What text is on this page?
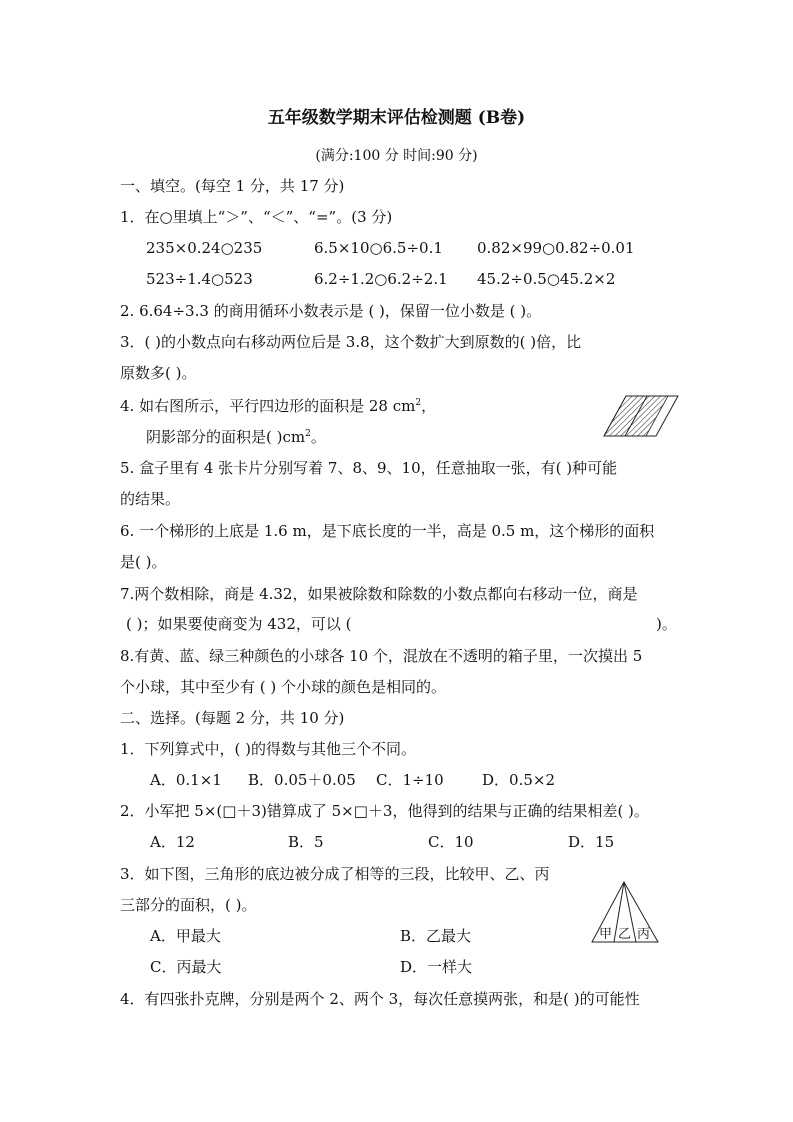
五年级数学期末评估检测题 (B卷)
(满分:100 分 时间:90 分)
一、填空。(每空 1 分，共 17 分)
1．在○里填上“＞”、“＜”、“=”。(3 分)
235×0.24○235	6.5×10○6.5÷0.1 0.82×99○0.82÷0.01
523÷1.4○523	6.2÷1.2○6.2÷2.1 45.2÷0.5○45.2×2
2. 6.64÷3.3 的商用循环小数表示是 ( )，保留一位小数是 ( )。
3．( )的小数点向右移动两位后是 3.8，这个数扩大到原数的( )倍，比
原数多( )。
4. 如右图所示，平行四边形的面积是 28 $cm^2$，
阴影部分的面积是( )$cm^2$。
5. 盒子里有 4 张卡片分别写着 7、8、9、10，任意抽取一张，有( )种可能
的结果。
6. 一个梯形的上底是 1.6 m，是下底长度的一半，高是 0.5 m，这个梯形的面积
是( )。
7.两个数相除，商是 4.32，如果被除数和除数的小数点都向右移动一位，商是
( )；如果要使商变为 432，可以 (	)。
8.有黄、蓝、绿三种颜色的小球各 10 个，混放在不透明的箱子里，一次摸出 5
个小球，其中至少有 ( ) 个小球的颜色是相同的。
二、选择。(每题 2 分，共 10 分)
1．下列算式中，( )的得数与其他三个不同。
A．0.1×1 B．0.05＋0.05 C．1÷10	D．0.5×2
2．小军把 5×(□＋3)错算成了 5×□＋3，他得到的结果与正确的结果相差( )。
A．12	B．5	C．10	D．15
3．如下图，三角形的底边被分成了相等的三段，比较甲、乙、丙
三部分的面积，( )。
A．甲最大	B．乙最大
C．丙最大	D．一样大
甲 乙 丙
4．有四张扑克牌，分别是两个 2、两个 3，每次任意摸两张，和是( )的可能性
